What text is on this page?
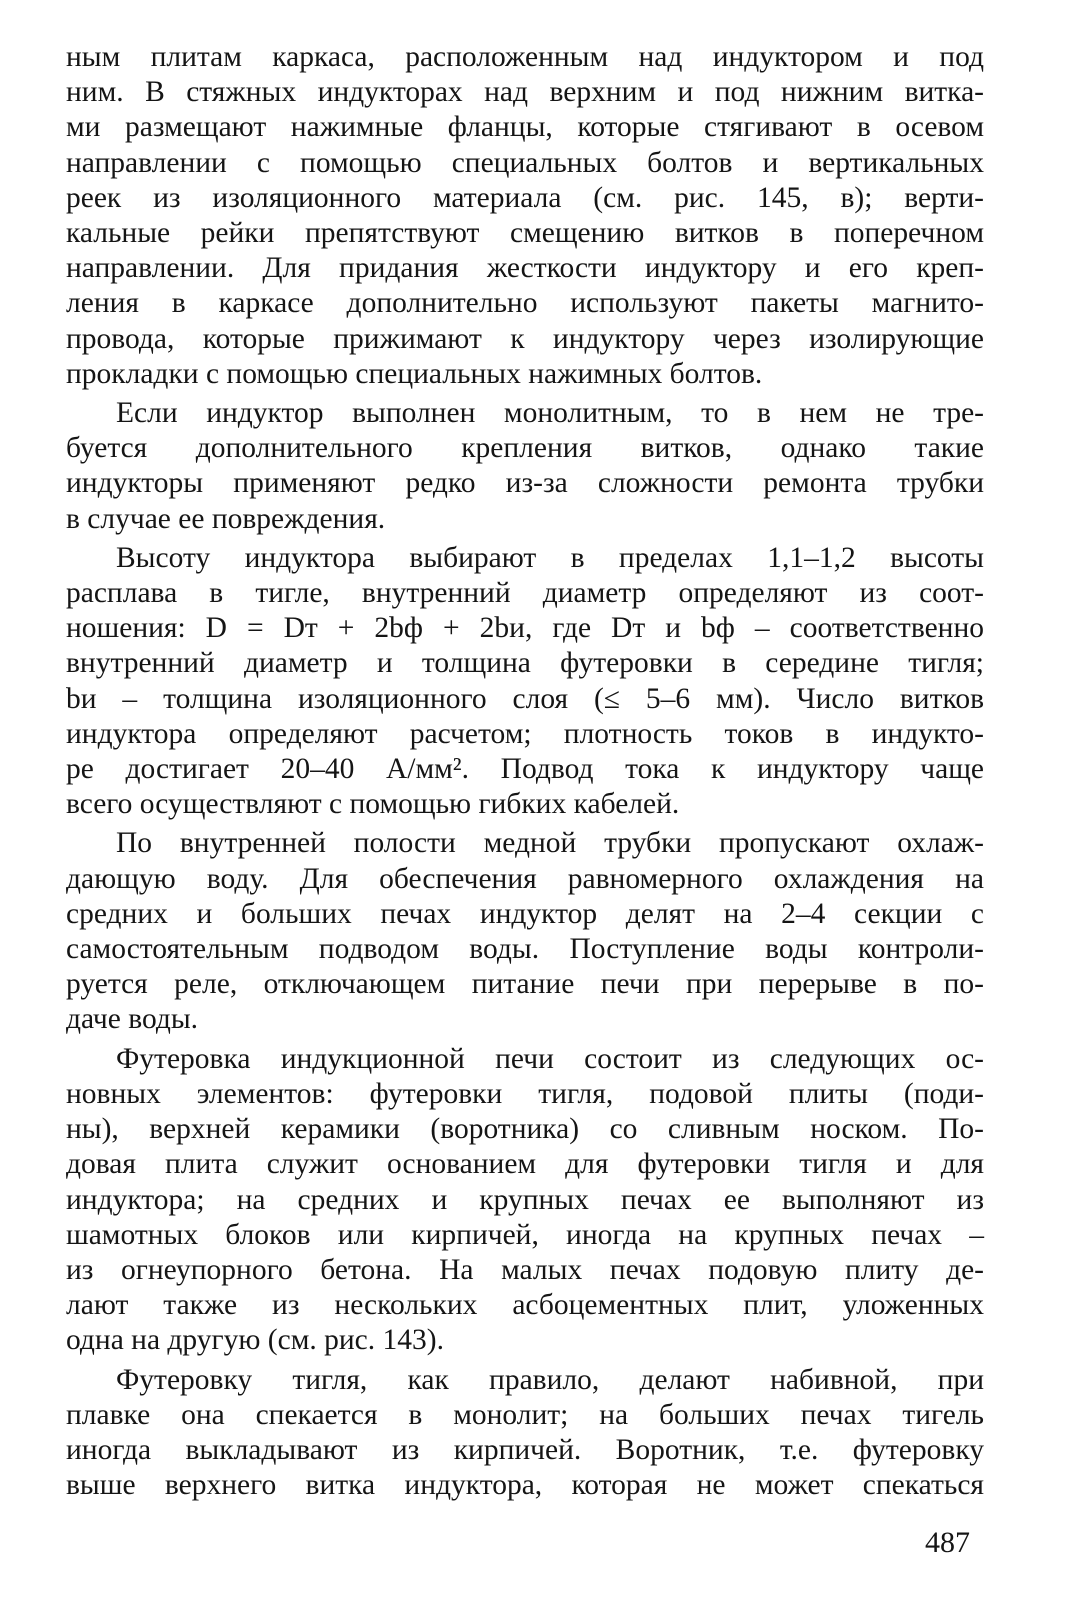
ным плитам каркаса, расположенным над индуктором и под
ним. В стяжных индукторах над верхним и под нижним витка-
ми размещают нажимные фланцы, которые стягивают в осевом
направлении с помощью специальных болтов и вертикальных
реек из изоляционного материала (см. рис. 145, в); верти-
кальные рейки препятствуют смещению витков в поперечном
направлении. Для придания жесткости индуктору и его креп-
ления в каркасе дополнительно используют пакеты магнито-
провода, которые прижимают к индуктору через изолирующие
прокладки с помощью специальных нажимных болтов.

Если индуктор выполнен монолитным, то в нем не тре-
буется дополнительного крепления витков, однако такие
индукторы применяют редко из-за сложности ремонта трубки
в случае ее повреждения.

Высоту индуктора выбирают в пределах 1,1–1,2 высоты
расплава в тигле, внутренний диаметр определяют из соот-
ношения: D = Dт + 2bф + 2bи, где Dт и bф – соответственно
внутренний диаметр и толщина футеровки в середине тигля;
bи – толщина изоляционного слоя (≤ 5–6 мм). Число витков
индуктора определяют расчетом; плотность токов в индукто-
ре достигает 20–40 А/мм². Подвод тока к индуктору чаще
всего осуществляют с помощью гибких кабелей.

По внутренней полости медной трубки пропускают охлаж-
дающую воду. Для обеспечения равномерного охлаждения на
средних и больших печах индуктор делят на 2–4 секции с
самостоятельным подводом воды. Поступление воды контроли-
руется реле, отключающем питание печи при перерыве в по-
даче воды.

Футеровка индукционной печи состоит из следующих ос-
новных элементов: футеровки тигля, подовой плиты (поди-
ны), верхней керамики (воротника) со сливным носком. По-
довая плита служит основанием для футеровки тигля и для
индуктора; на средних и крупных печах ее выполняют из
шамотных блоков или кирпичей, иногда на крупных печах –
из огнеупорного бетона. На малых печах подовую плиту де-
лают также из нескольких асбоцементных плит, уложенных
одна на другую (см. рис. 143).

Футеровку тигля, как правило, делают набивной, при
плавке она спекается в монолит; на больших печах тигель
иногда выкладывают из кирпичей. Воротник, т.е. футеровку
выше верхнего витка индуктора, которая не может спекаться

487
